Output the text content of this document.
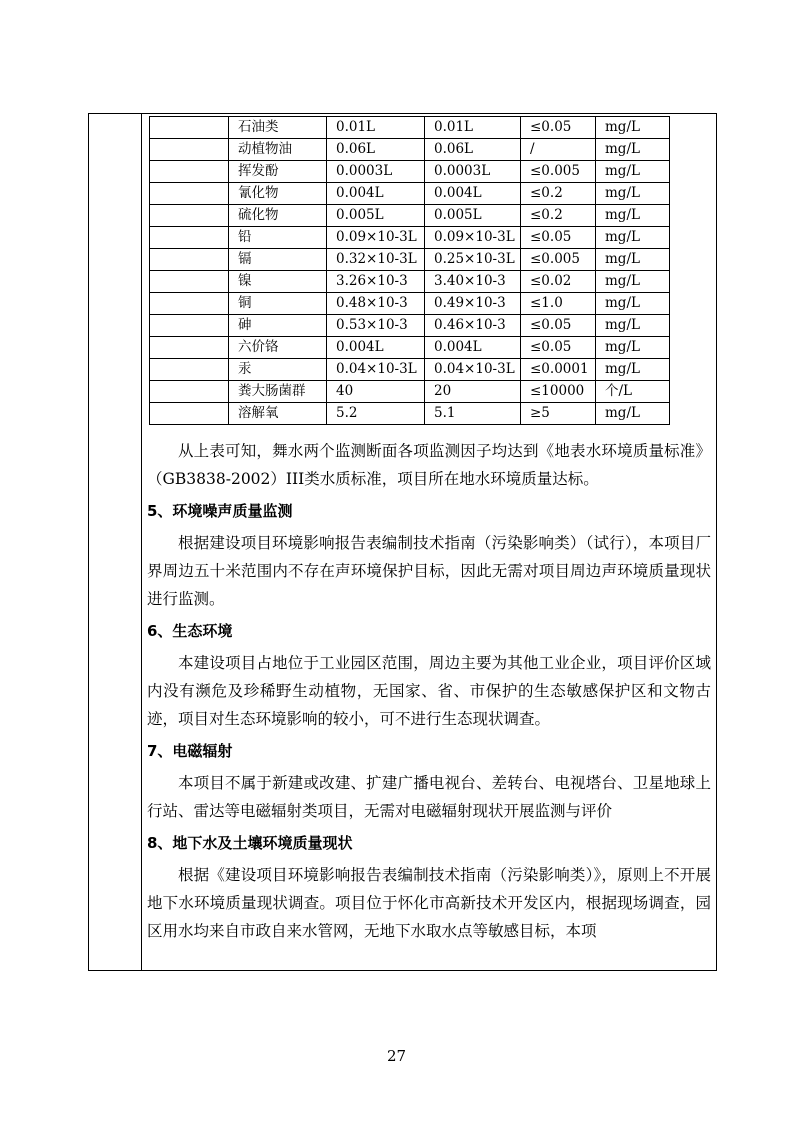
	石油类	0.01L	0.01L	≤0.05	mg/L
	动植物油	0.06L	0.06L	/	mg/L
	挥发酚	0.0003L	0.0003L	≤0.005	mg/L
	氰化物	0.004L	0.004L	≤0.2	mg/L
	硫化物	0.005L	0.005L	≤0.2	mg/L
	铅	0.09×10-3L	0.09×10-3L	≤0.05	mg/L
	镉	0.32×10-3L	0.25×10-3L	≤0.005	mg/L
	镍	3.26×10-3	3.40×10-3	≤0.02	mg/L
	铜	0.48×10-3	0.49×10-3	≤1.0	mg/L
	砷	0.53×10-3	0.46×10-3	≤0.05	mg/L
	六价铬	0.004L	0.004L	≤0.05	mg/L
	汞	0.04×10-3L	0.04×10-3L	≤0.0001	mg/L
	粪大肠菌群	40	20	≤10000	个/L
	溶解氧	5.2	5.1	≥5	mg/L

从上表可知，舞水两个监测断面各项监测因子均达到《地表水环境质量标准》（GB3838-2002）III类水质标准，项目所在地水环境质量达标。

5、环境噪声质量监测

根据建设项目环境影响报告表编制技术指南（污染影响类）（试行），本项目厂界周边五十米范围内不存在声环境保护目标，因此无需对项目周边声环境质量现状进行监测。

6、生态环境

本建设项目占地位于工业园区范围，周边主要为其他工业企业，项目评价区域内没有濒危及珍稀野生动植物，无国家、省、市保护的生态敏感保护区和文物古迹，项目对生态环境影响的较小，可不进行生态现状调查。

7、电磁辐射

本项目不属于新建或改建、扩建广播电视台、差转台、电视塔台、卫星地球上行站、雷达等电磁辐射类项目，无需对电磁辐射现状开展监测与评价

8、地下水及土壤环境质量现状

根据《建设项目环境影响报告表编制技术指南（污染影响类）》，原则上不开展地下水环境质量现状调查。项目位于怀化市高新技术开发区内，根据现场调查，园区用水均来自市政自来水管网，无地下水取水点等敏感目标，本项

27
